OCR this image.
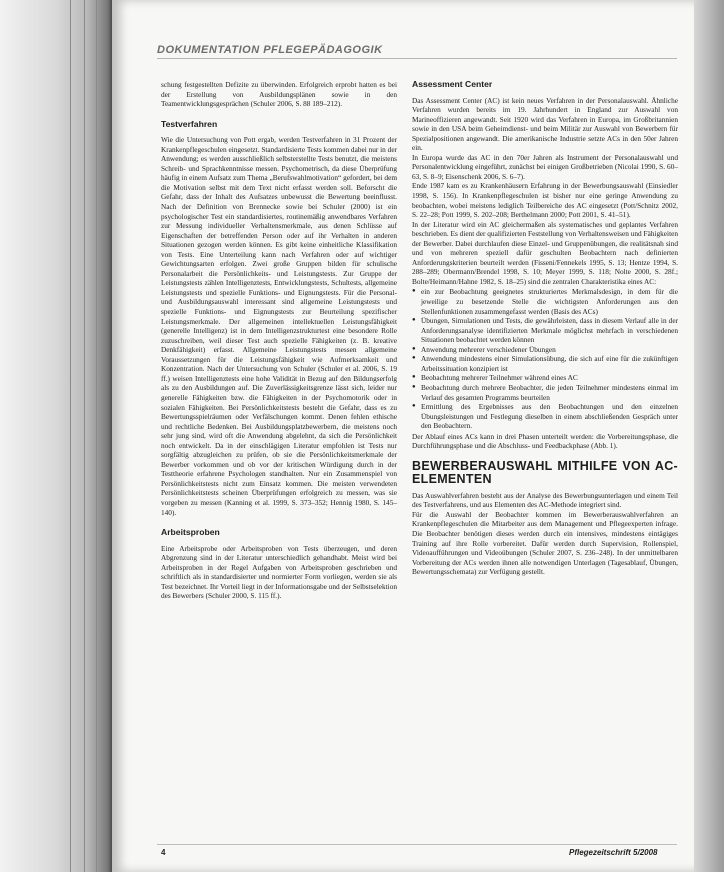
DOKUMENTATION PFLEGEPÄDAGOGIK

schung festgestellten Defizite zu überwinden. Erfolgreich erprobt hatten es bei der Erstellung von Ausbildungsplänen sowie in den Teamentwicklungsgesprächen (Schuler 2006, S. 88 189–212).

Testverfahren

Wie die Untersuchung von Pott ergab, werden Testverfahren in 31 Prozent der Krankenpflegeschulen eingesetzt. Standardisierte Tests kommen dabei nur in der Anwendung; es werden ausschließlich selbsterstellte Tests benutzt, die meistens Schreib- und Sprachkenntnisse messen. Psychometrisch, da diese Überprüfung häufig in einem Aufsatz zum Thema „Berufswahlmotivation“ gefordert, bei dem die Motivation selbst mit dem Text nicht erfasst werden soll. Beforscht die Gefahr, dass der Inhalt des Aufsatzes unbewusst die Bewertung beeinflusst. Nach der Definition von Brennecke sowie bei Schuler (2000) ist ein psychologischer Test ein standardisiertes, routinemäßig anwendbares Verfahren zur Messung individueller Verhaltensmerkmale, aus denen Schlüsse auf Eigenschaften der betreffenden Person oder auf ihr Verhalten in anderen Situationen gezogen werden können. Es gibt keine einheitliche Klassifikation von Tests. Eine Unterteilung kann nach Verfahren oder auf wichtiger Gewichtungsarten erfolgen. Zwei große Gruppen bilden für schulische Personalarbeit die Persönlichkeits- und Leistungstests. Zur Gruppe der Leistungstests zählen Intelligenztests, Entwicklungstests, Schultests, allgemeine Leistungstests und spezielle Funktions- und Eignungstests. Für die Personal- und Ausbildungsauswahl interessant sind allgemeine Leistungstests und spezielle Funktions- und Eignungstests zur Beurteilung spezifischer Leistungsmerkmale. Der allgemeinen intellektuellen Leistungsfähigkeit (generelle Intelligenz) ist in dem Intelligenzstrukturtest eine besondere Rolle zuzuschreiben, weil dieser Test auch spezielle Fähigkeiten (z. B. kreative Denkfähigkeit) erfasst. Allgemeine Leistungstests messen allgemeine Voraussetzungen für die Leistungsfähigkeit wie Aufmerksamkeit und Konzentration. Nach der Untersuchung von Schuler (Schuler et al. 2006, S. 19 ff.) weisen Intelligenztests eine hohe Validität in Bezug auf den Bildungserfolg als zu den Ausbildungen auf. Die Zuverlässigkeitsgrenze lässt sich, leider nur generelle Fähigkeiten bzw. die Fähigkeiten in der Psychomotorik oder in sozialen Fähigkeiten. Bei Persönlichkeitstests besteht die Gefahr, dass es zu Bewertungsspielräumen oder Verfälschungen kommt. Denen fehlen ethische und rechtliche Bedenken. Bei Ausbildungsplatzbewerbern, die meistens noch sehr jung sind, wird oft die Anwendung abgelehnt, da sich die Persönlichkeit noch entwickelt. Da in der einschlägigen Literatur empfohlen ist Tests nur sorgfältig abzugleichen zu prüfen, ob sie die Persönlichkeitsmerkmale der Bewerber vorkommen und ob vor der kritischen Würdigung durch in der Testtheorie erfahrene Psychologen standhalten. Nur ein Zusammenspiel von Persönlichkeitstests nicht zum Einsatz kommen. Die meisten verwendeten Persönlichkeitstests scheinen Überprüfungen erfolgreich zu messen, was sie vorgeben zu messen (Kanning et al. 1999, S. 373–352; Hennig 1980, S. 145–140).

Arbeitsproben

Eine Arbeitsprobe oder Arbeitsproben von Tests überzeugen, und deren Abgrenzung sind in der Literatur unterschiedlich gehandhabt. Meist wird bei Arbeitsproben in der Regel Aufgaben von Arbeitsproben geschrieben und schriftlich als in standardisierter und normierter Form vorliegen, werden sie als Test bezeichnet. Ihr Vorteil liegt in der Informationsgabe und der Selbstselektion des Bewerbers (Schuler 2000, S. 115 ff.).

Assessment Center

Das Assessment Center (AC) ist kein neues Verfahren in der Personalauswahl. Ähnliche Verfahren wurden bereits im 19. Jahrhundert in England zur Auswahl von Marineoffizieren angewandt. Seit 1920 wird das Verfahren in Europa, im Großbritannien sowie in den USA beim Geheimdienst- und beim Militär zur Auswahl von Bewerbern für Spezialpositionen angewandt. Die amerikanische Industrie setzte ACs in den 50er Jahren ein.

In Europa wurde das AC in den 70er Jahren als Instrument der Personalauswahl und Personalentwicklung eingeführt, zunächst bei einigen Großbetrieben (Nicolai 1990, S. 60–63, S. 8–9; Eisenschenk 2006, S. 6–7).

Ende 1987 kam es zu Krankenhäusern Erfahrung in der Bewerbungsauswahl (Einsiedler 1998, S. 156). In Krankenpflegeschulen ist bisher nur eine geringe Anwendung zu beobachten, wobei meistens lediglich Teilbereiche des AC eingesetzt (Pott/Schnitz 2002, S. 22–28; Pott 1999, S. 202–208; Berthelmann 2000; Pott 2001, S. 41–51).

In der Literatur wird ein AC gleichermaßen als systematisches und geplantes Verfahren beschrieben. Es dient der qualifizierten Feststellung von Verhaltensweisen und Fähigkeiten der Bewerber. Dabei durchlaufen diese Einzel- und Gruppenübungen, die realitätsnah sind und von mehreren speziell dafür geschulten Beobachtern nach definierten Anforderungskriterien beurteilt werden (Fisseni/Fennekels 1995, S. 13; Hentze 1994, S. 288–289; Obermann/Brendel 1998, S. 10; Meyer 1999, S. 118; Nolte 2000, S. 28f.; Bolte/Heimann/Hahne 1982, S. 18–25) sind die zentralen Charakteristika eines AC:

● ein zur Beobachtung geeignetes strukturiertes Merkmalsdesign, in dem für die jeweilige zu besetzende Stelle die wichtigsten Anforderungen aus den Stellenfunktionen zusammengefasst werden (Basis des ACs)
● Übungen, Simulationen und Tests, die gewährleisten, dass in diesem Verlauf alle in der Anforderungsanalyse identifizierten Merkmale möglichst mehrfach in verschiedenen Situationen beobachtet werden können
● Anwendung mehrerer verschiedener Übungen
● Anwendung mindestens einer Simulationsübung, die sich auf eine für die zukünftigen Arbeitssituation konzipiert ist
● Beobachtung mehrerer Teilnehmer während eines AC
● Beobachtung durch mehrere Beobachter, die jeden Teilnehmer mindestens einmal im Verlauf des gesamten Programms beurteilen
● Ermittlung des Ergebnisses aus den Beobachtungen und den einzelnen Übungsleistungen und Festlegung dieselben in einem abschließenden Gespräch unter den Beobachtern.

Der Ablauf eines ACs kann in drei Phasen unterteilt werden: die Vorbereitungsphase, die Durchführungsphase und die Abschluss- und Feedbackphase (Abb. 1).

BEWERBERAUSWAHL MITHILFE VON AC-ELEMENTEN

Das Auswahlverfahren besteht aus der Analyse des Bewerbungsunterlagen und einem Teil des Testverfahrens, und aus Elementen des AC-Methode integriert sind.

Für die Auswahl der Beobachter kommen im Bewerberauswahlverfahren an Krankenpflegeschulen die Mitarbeiter aus dem Management und Pflegeexperten infrage. Die Beobachter benötigen dieses werden durch ein intensives, mindestens eintägiges Training auf ihre Rolle vorbereitet. Dafür werden durch Supervision, Rollenspiel, Videoaufführungen und Videoübungen (Schuler 2007, S. 236–248). In der unmittelbaren Vorbereitung der ACs werden ihnen alle notwendigen Unterlagen (Tagesablauf, Übungen, Bewertungsschemata) zur Verfügung gestellt.

4	Pflegezeitschrift 5/2008
